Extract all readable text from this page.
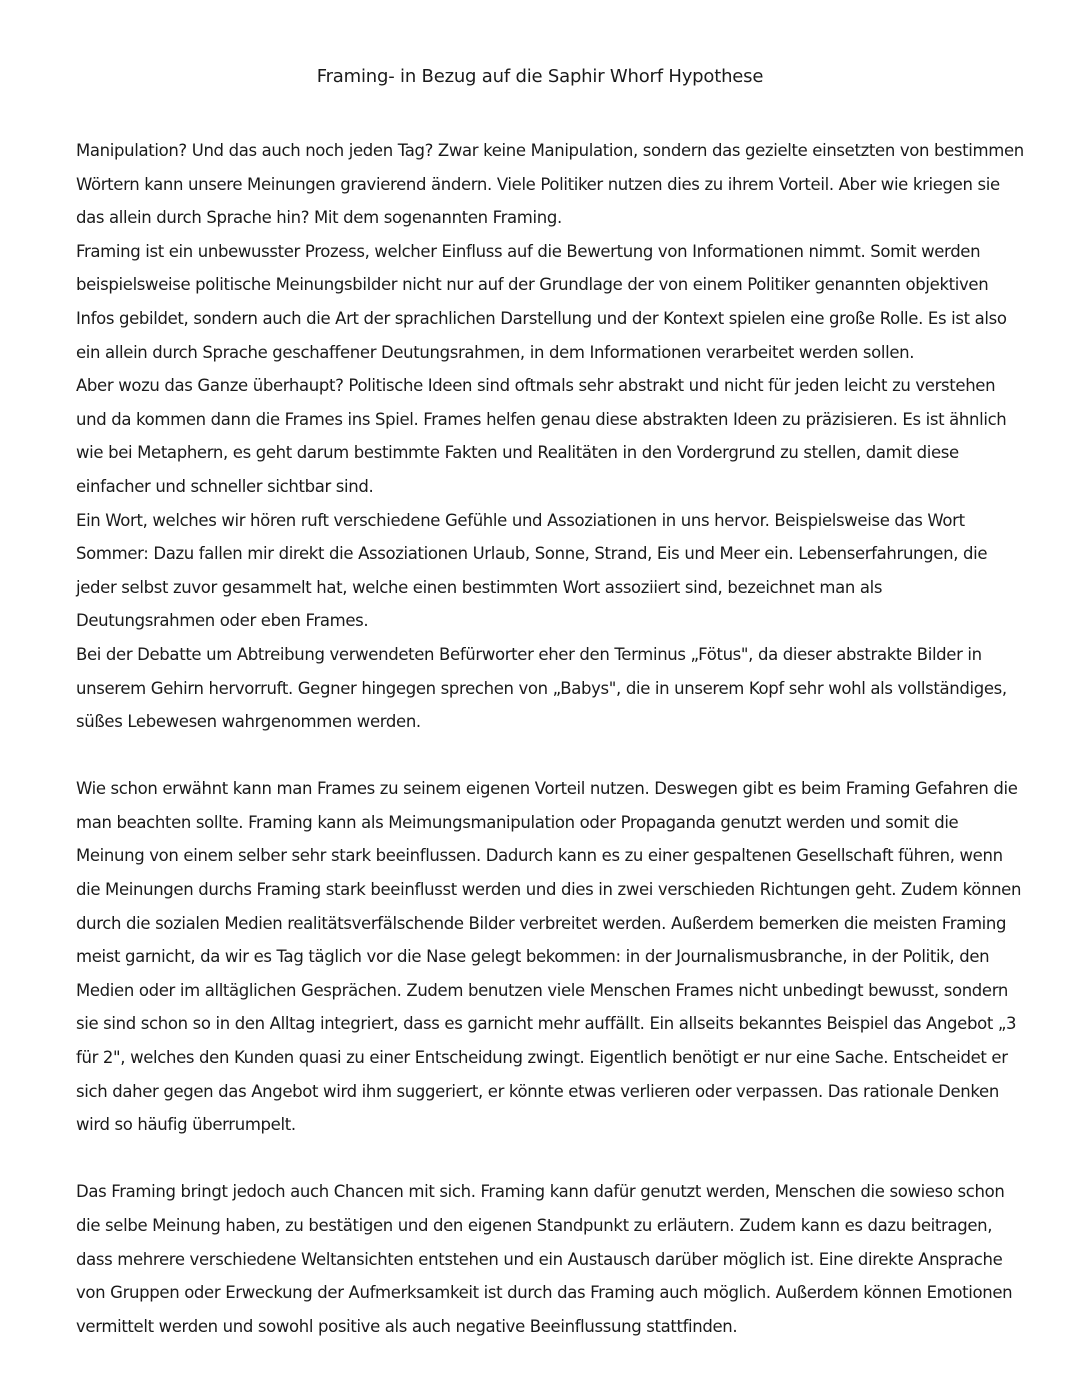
Framing- in Bezug auf die Saphir Whorf Hypothese

Manipulation? Und das auch noch jeden Tag? Zwar keine Manipulation, sondern das gezielte einsetzten von bestimmen Wörtern kann unsere Meinungen gravierend ändern. Viele Politiker nutzen dies zu ihrem Vorteil. Aber wie kriegen sie das allein durch Sprache hin? Mit dem sogenannten Framing.

Framing ist ein unbewusster Prozess, welcher Einfluss auf die Bewertung von Informationen nimmt. Somit werden beispielsweise politische Meinungsbilder nicht nur auf der Grundlage der von einem Politiker genannten objektiven Infos gebildet, sondern auch die Art der sprachlichen Darstellung und der Kontext spielen eine große Rolle. Es ist also ein allein durch Sprache geschaffener Deutungsrahmen, in dem Informationen verarbeitet werden sollen.

Aber wozu das Ganze überhaupt? Politische Ideen sind oftmals sehr abstrakt und nicht für jeden leicht zu verstehen und da kommen dann die Frames ins Spiel. Frames helfen genau diese abstrakten Ideen zu präzisieren. Es ist ähnlich wie bei Metaphern, es geht darum bestimmte Fakten und Realitäten in den Vordergrund zu stellen, damit diese einfacher und schneller sichtbar sind.

Ein Wort, welches wir hören ruft verschiedene Gefühle und Assoziationen in uns hervor. Beispielsweise das Wort Sommer: Dazu fallen mir direkt die Assoziationen Urlaub, Sonne, Strand, Eis und Meer ein. Lebenserfahrungen, die jeder selbst zuvor gesammelt hat, welche einen bestimmten Wort assoziiert sind, bezeichnet man als Deutungsrahmen oder eben Frames.

Bei der Debatte um Abtreibung verwendeten Befürworter eher den Terminus „Fötus", da dieser abstrakte Bilder in unserem Gehirn hervorruft. Gegner hingegen sprechen von „Babys", die in unserem Kopf sehr wohl als vollständiges, süßes Lebewesen wahrgenommen werden.

Wie schon erwähnt kann man Frames zu seinem eigenen Vorteil nutzen. Deswegen gibt es beim Framing Gefahren die man beachten sollte. Framing kann als Meimungsmanipulation oder Propaganda genutzt werden und somit die Meinung von einem selber sehr stark beeinflussen. Dadurch kann es zu einer gespaltenen Gesellschaft führen, wenn die Meinungen durchs Framing stark beeinflusst werden und dies in zwei verschieden Richtungen geht. Zudem können durch die sozialen Medien realitätsverfälschende Bilder verbreitet werden. Außerdem bemerken die meisten Framing meist garnicht, da wir es Tag täglich vor die Nase gelegt bekommen: in der Journalismusbranche, in der Politik, den Medien oder im alltäglichen Gesprächen. Zudem benutzen viele Menschen Frames nicht unbedingt bewusst, sondern sie sind schon so in den Alltag integriert, dass es garnicht mehr auffällt. Ein allseits bekanntes Beispiel das Angebot „3 für 2", welches den Kunden quasi zu einer Entscheidung zwingt. Eigentlich benötigt er nur eine Sache. Entscheidet er sich daher gegen das Angebot wird ihm suggeriert, er könnte etwas verlieren oder verpassen. Das rationale Denken wird so häufig überrumpelt.

Das Framing bringt jedoch auch Chancen mit sich. Framing kann dafür genutzt werden, Menschen die sowieso schon die selbe Meinung haben, zu bestätigen und den eigenen Standpunkt zu erläutern. Zudem kann es dazu beitragen, dass mehrere verschiedene Weltansichten entstehen und ein Austausch darüber möglich ist. Eine direkte Ansprache von Gruppen oder Erweckung der Aufmerksamkeit ist durch das Framing auch möglich. Außerdem können Emotionen vermittelt werden und sowohl positive als auch negative Beeinflussung stattfinden.
